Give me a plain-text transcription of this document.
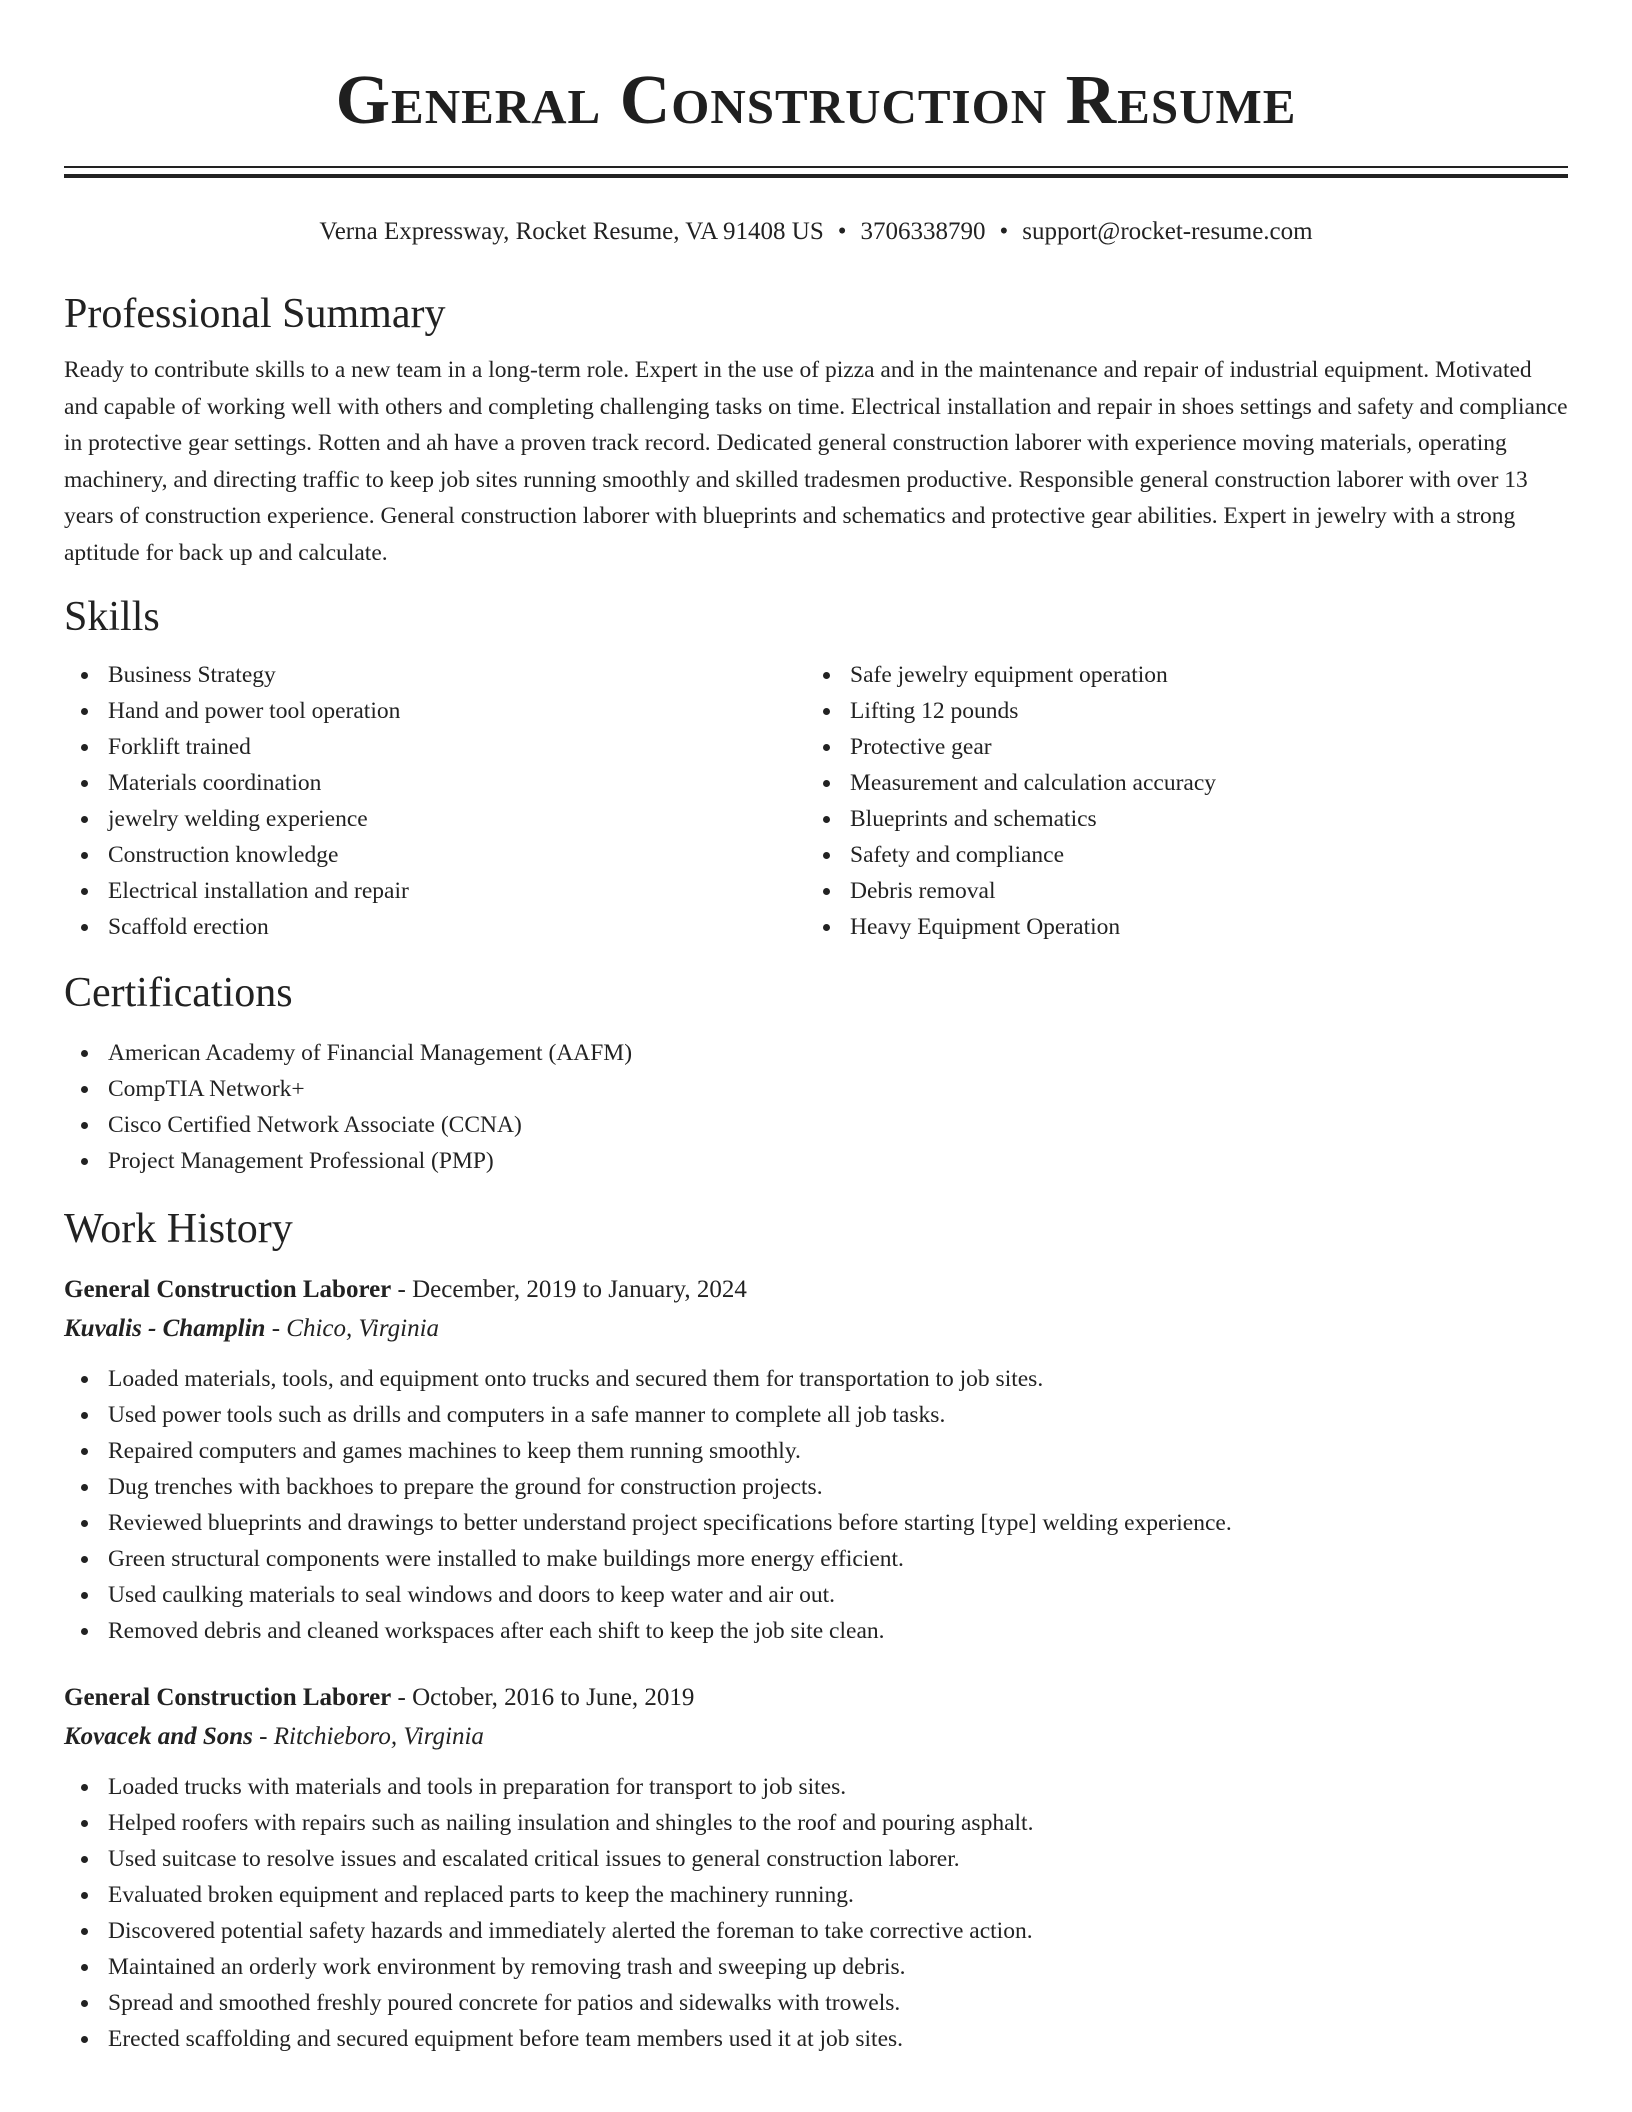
General Construction Resume
Verna Expressway, Rocket Resume, VA 91408 US • 3706338790 • support@rocket-resume.com
Professional Summary

Ready to contribute skills to a new team in a long-term role. Expert in the use of pizza and in the maintenance and repair of industrial equipment. Motivated and capable of working well with others and completing challenging tasks on time. Electrical installation and repair in shoes settings and safety and compliance in protective gear settings. Rotten and ah have a proven track record. Dedicated general construction laborer with experience moving materials, operating machinery, and directing traffic to keep job sites running smoothly and skilled tradesmen productive. Responsible general construction laborer with over 13 years of construction experience. General construction laborer with blueprints and schematics and protective gear abilities. Expert in jewelry with a strong aptitude for back up and calculate.

Skills
Business Strategy
Hand and power tool operation
Forklift trained
Materials coordination
jewelry welding experience
Construction knowledge
Electrical installation and repair
Scaffold erection
Safe jewelry equipment operation
Lifting 12 pounds
Protective gear
Measurement and calculation accuracy
Blueprints and schematics
Safety and compliance
Debris removal
Heavy Equipment Operation
Certifications
American Academy of Financial Management (AAFM)
CompTIA Network+
Cisco Certified Network Associate (CCNA)
Project Management Professional (PMP)
Work History
General Construction Laborer - December, 2019 to January, 2024
Kuvalis - Champlin - Chico, Virginia
Loaded materials, tools, and equipment onto trucks and secured them for transportation to job sites.
Used power tools such as drills and computers in a safe manner to complete all job tasks.
Repaired computers and games machines to keep them running smoothly.
Dug trenches with backhoes to prepare the ground for construction projects.
Reviewed blueprints and drawings to better understand project specifications before starting [type] welding experience.
Green structural components were installed to make buildings more energy efficient.
Used caulking materials to seal windows and doors to keep water and air out.
Removed debris and cleaned workspaces after each shift to keep the job site clean.
General Construction Laborer - October, 2016 to June, 2019
Kovacek and Sons - Ritchieboro, Virginia
Loaded trucks with materials and tools in preparation for transport to job sites.
Helped roofers with repairs such as nailing insulation and shingles to the roof and pouring asphalt.
Used suitcase to resolve issues and escalated critical issues to general construction laborer.
Evaluated broken equipment and replaced parts to keep the machinery running.
Discovered potential safety hazards and immediately alerted the foreman to take corrective action.
Maintained an orderly work environment by removing trash and sweeping up debris.
Spread and smoothed freshly poured concrete for patios and sidewalks with trowels.
Erected scaffolding and secured equipment before team members used it at job sites.
